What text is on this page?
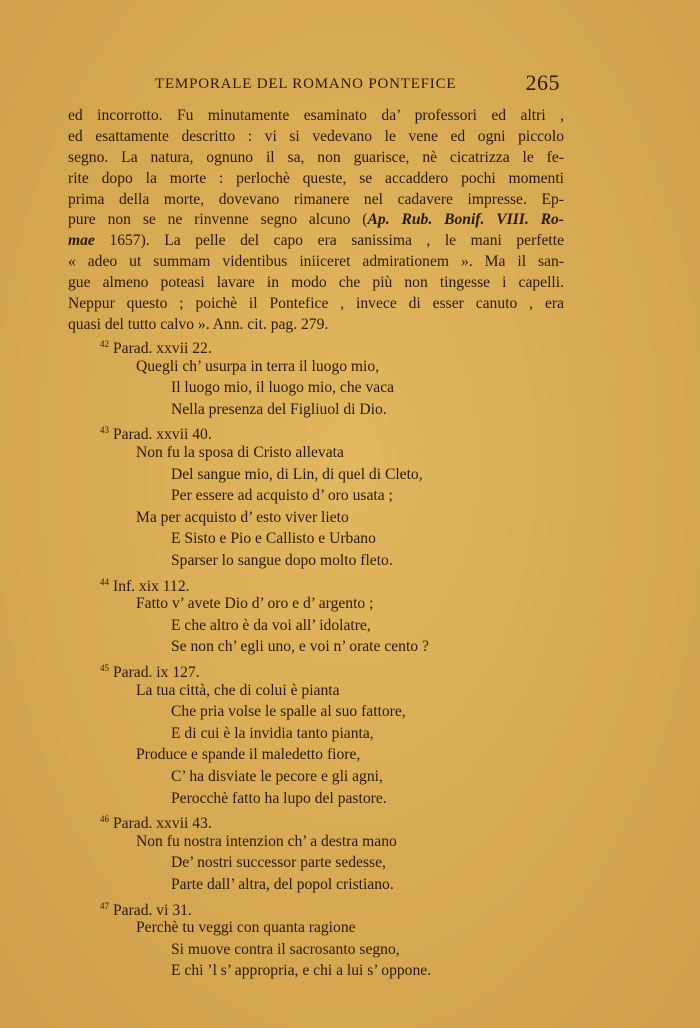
TEMPORALE DEL ROMANO PONTEFICE	265
ed incorrotto. Fu minutamente esaminato da’ professori ed altri ,
ed esattamente descritto : vi si vedevano le vene ed ogni piccolo
segno. La natura, ognuno il sa, non guarisce, nè cicatrizza le fe-
rite dopo la morte : perlochè queste, se accaddero pochi momenti
prima della morte, dovevano rimanere nel cadavere impresse. Ep-
pure non se ne rinvenne segno alcuno (Ap. Rub. Bonif. VIII. Ro-
mae 1657). La pelle del capo era sanissima , le mani perfette
« adeo ut summam videntibus iniiceret admirationem ». Ma il san-
gue almeno poteasi lavare in modo che più non tingesse i capelli.
Neppur questo ; poichè il Pontefice , invece di esser canuto , era
quasi del tutto calvo ». Ann. cit. pag. 279.
$^{42}$ Parad. xxvii 22.
Quegli ch’ usurpa in terra il luogo mio,
Il luogo mio, il luogo mio, che vaca
Nella presenza del Figliuol di Dio.
$^{43}$ Parad. xxvii 40.
Non fu la sposa di Cristo allevata
Del sangue mio, di Lin, di quel di Cleto,
Per essere ad acquisto d’ oro usata ;
Ma per acquisto d’ esto viver lieto
E Sisto e Pio e Callisto e Urbano
Sparser lo sangue dopo molto fleto.
$^{44}$ Inf. xix 112.
Fatto v’ avete Dio d’ oro e d’ argento ;
E che altro è da voi all’ idolatre,
Se non ch’ egli uno, e voi n’ orate cento ?
$^{45}$ Parad. ix 127.
La tua città, che di colui è pianta
Che pria volse le spalle al suo fattore,
E di cui è la invidia tanto pianta,
Produce e spande il maledetto fiore,
C’ ha disviate le pecore e gli agni,
Perocchè fatto ha lupo del pastore.
$^{46}$ Parad. xxvii 43.
Non fu nostra intenzion ch’ a destra mano
De’ nostri successor parte sedesse,
Parte dall’ altra, del popol cristiano.
$^{47}$ Parad. vi 31.
Perchè tu veggi con quanta ragione
Si muove contra il sacrosanto segno,
E chi ’l s’ appropria, e chi a lui s’ oppone.
